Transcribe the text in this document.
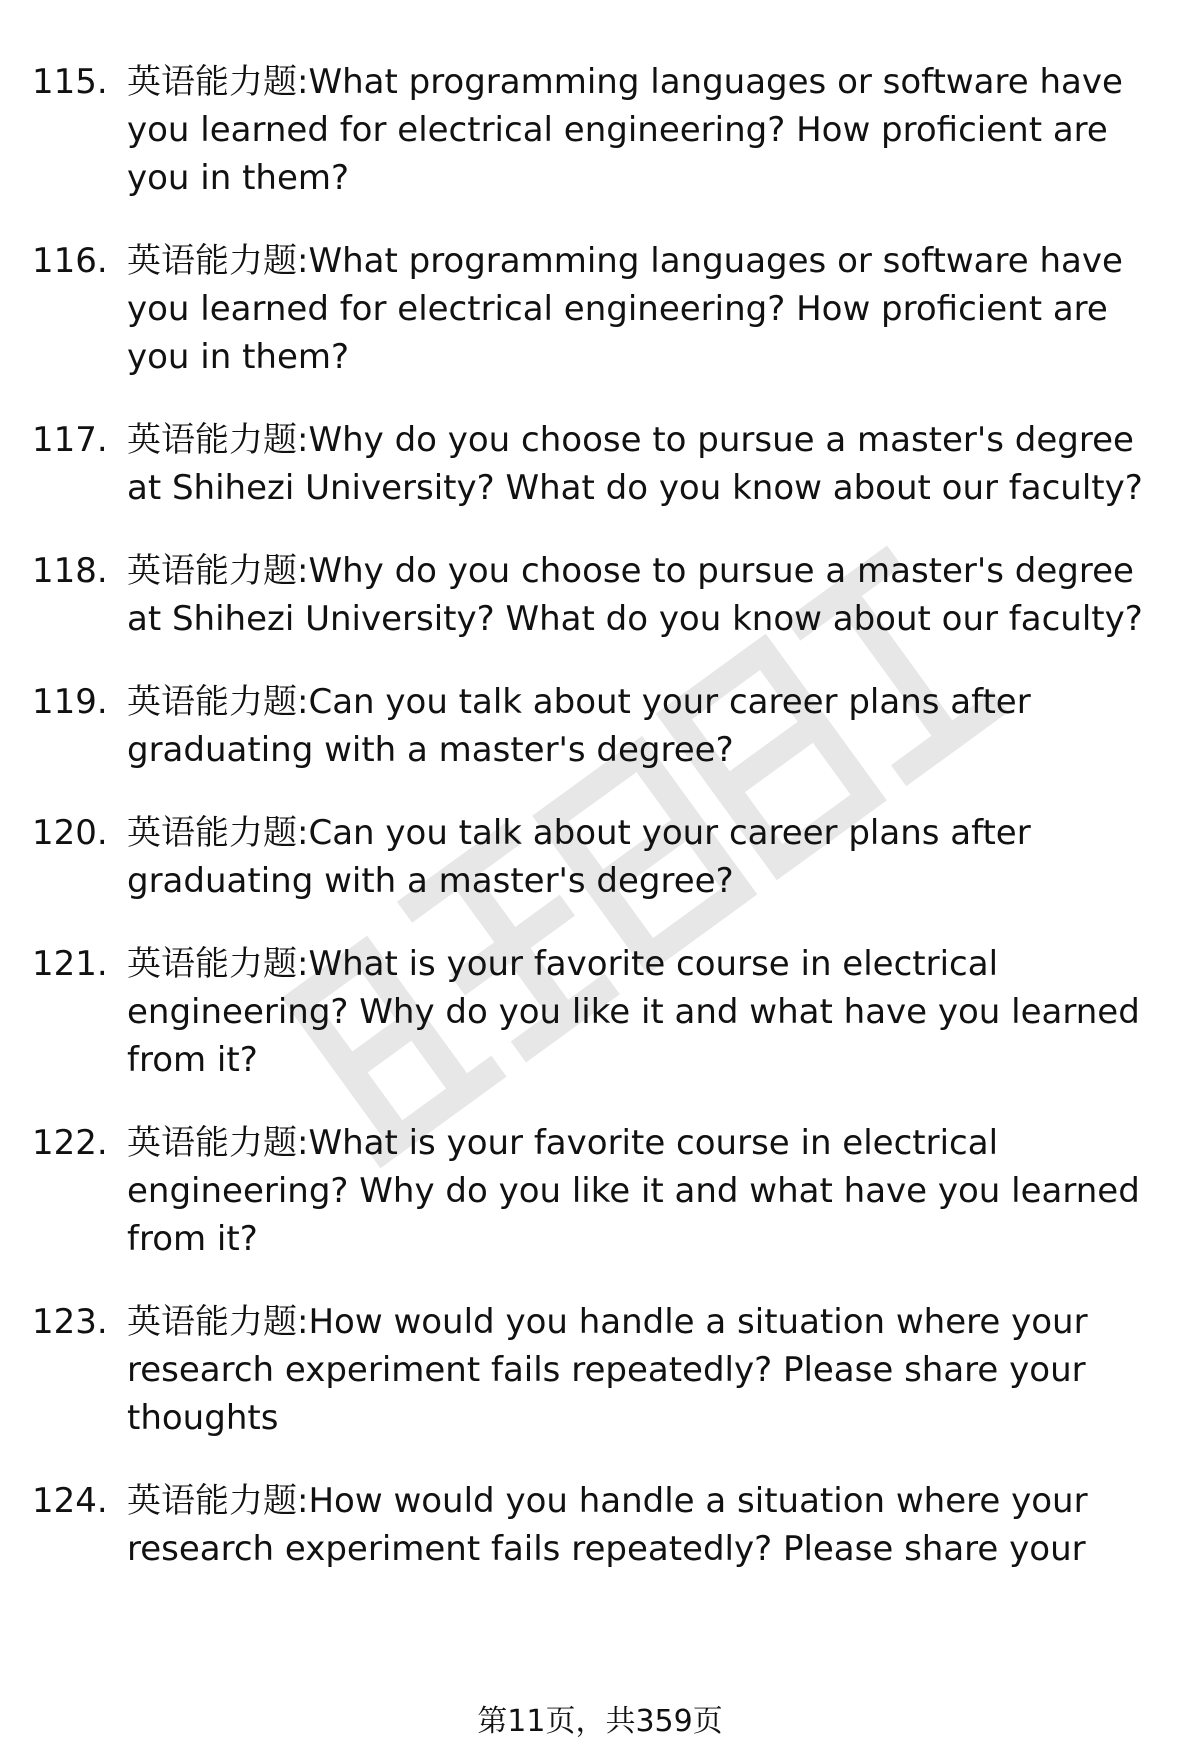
115. 英语能力题:What programming languages or software have you learned for electrical engineering? How proficient are you in them?
116. 英语能力题:What programming languages or software have you learned for electrical engineering? How proficient are you in them?
117. 英语能力题:Why do you choose to pursue a master's degree at Shihezi University? What do you know about our faculty?
118. 英语能力题:Why do you choose to pursue a master's degree at Shihezi University? What do you know about our faculty?
119. 英语能力题:Can you talk about your career plans after graduating with a master's degree?
120. 英语能力题:Can you talk about your career plans after graduating with a master's degree?
121. 英语能力题:What is your favorite course in electrical engineering? Why do you like it and what have you learned from it?
122. 英语能力题:What is your favorite course in electrical engineering? Why do you like it and what have you learned from it?
123. 英语能力题:How would you handle a situation where your research experiment fails repeatedly? Please share your thoughts
124. 英语能力题:How would you handle a situation where your research experiment fails repeatedly? Please share your
第11页，共359页
